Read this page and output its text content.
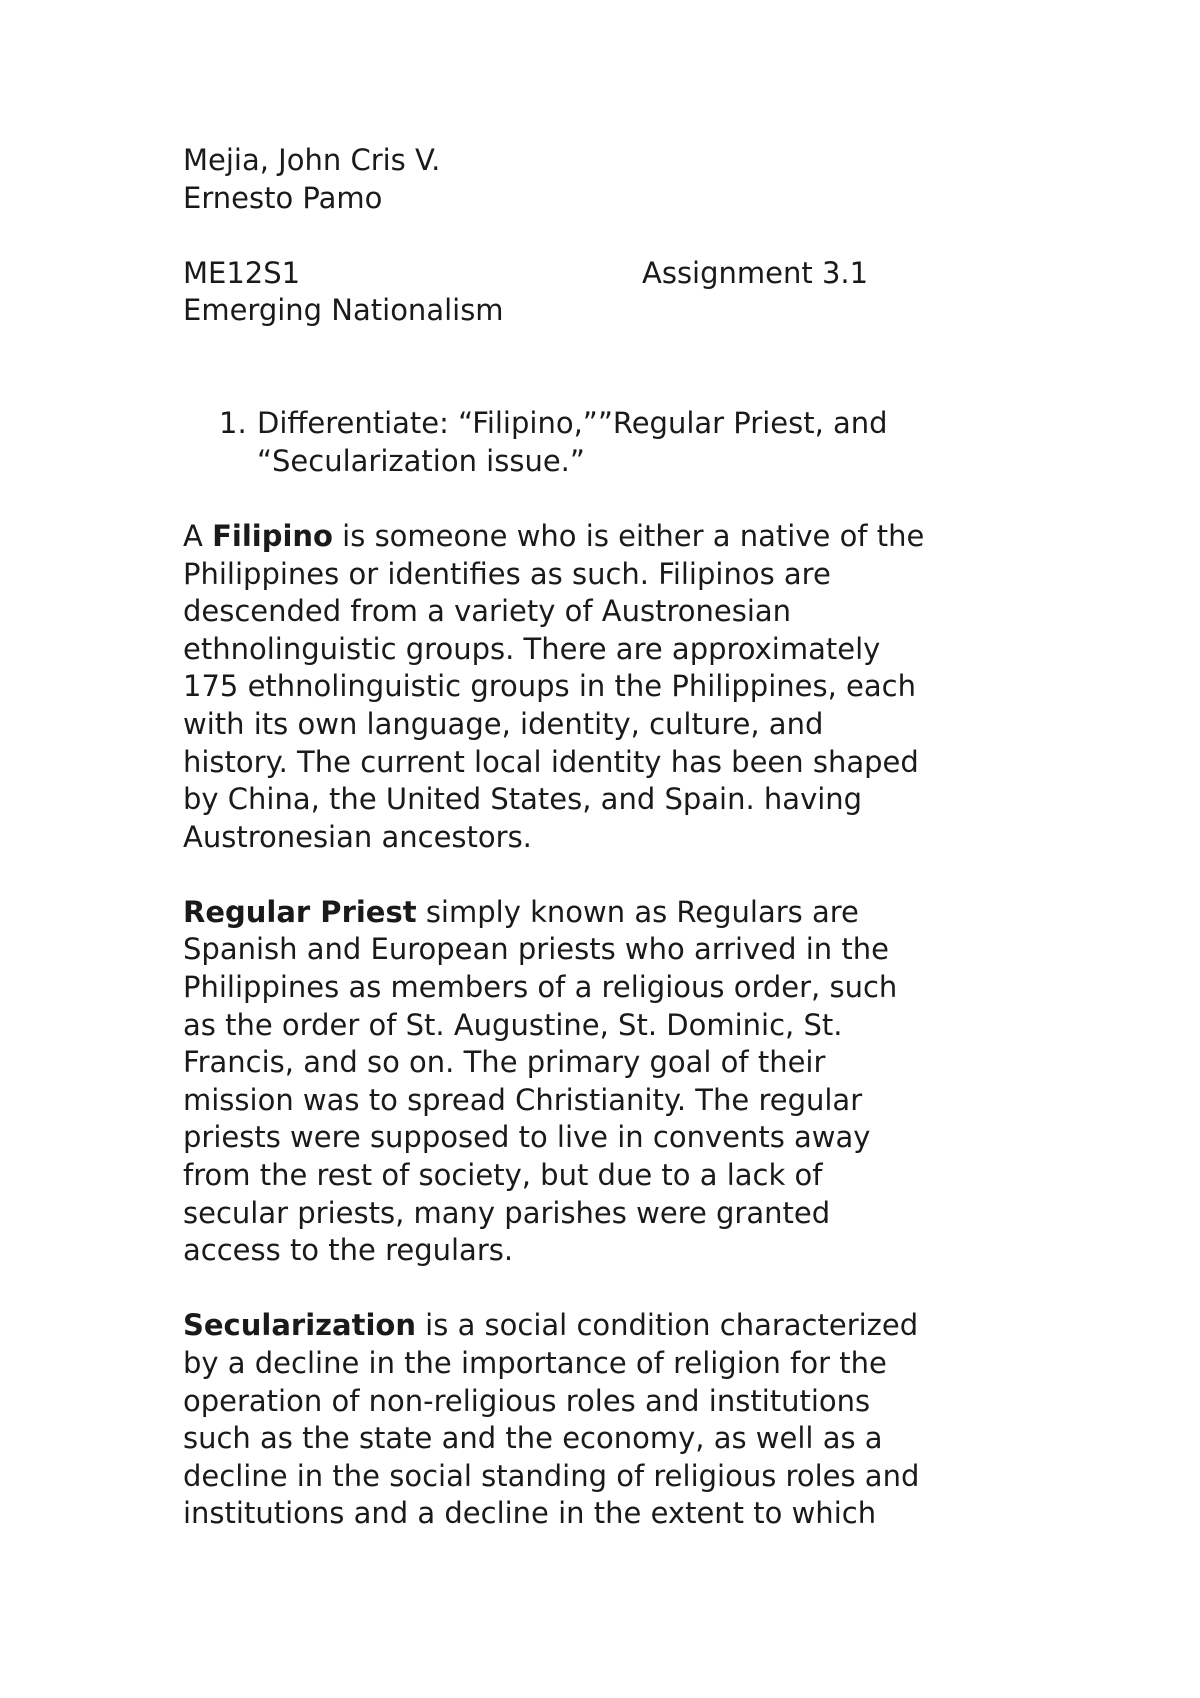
Mejia, John Cris V.
Ernesto Pamo
ME12S1	Assignment 3.1
Emerging Nationalism
1. Differentiate: “Filipino,””Regular Priest, and
“Secularization issue.”
A Filipino is someone who is either a native of the
Philippines or identifies as such. Filipinos are
descended from a variety of Austronesian
ethnolinguistic groups. There are approximately
175 ethnolinguistic groups in the Philippines, each
with its own language, identity, culture, and
history. The current local identity has been shaped
by China, the United States, and Spain. having
Austronesian ancestors.
Regular Priest simply known as Regulars are
Spanish and European priests who arrived in the
Philippines as members of a religious order, such
as the order of St. Augustine, St. Dominic, St.
Francis, and so on. The primary goal of their
mission was to spread Christianity. The regular
priests were supposed to live in convents away
from the rest of society, but due to a lack of
secular priests, many parishes were granted
access to the regulars.
Secularization is a social condition characterized
by a decline in the importance of religion for the
operation of non-religious roles and institutions
such as the state and the economy, as well as a
decline in the social standing of religious roles and
institutions and a decline in the extent to which
